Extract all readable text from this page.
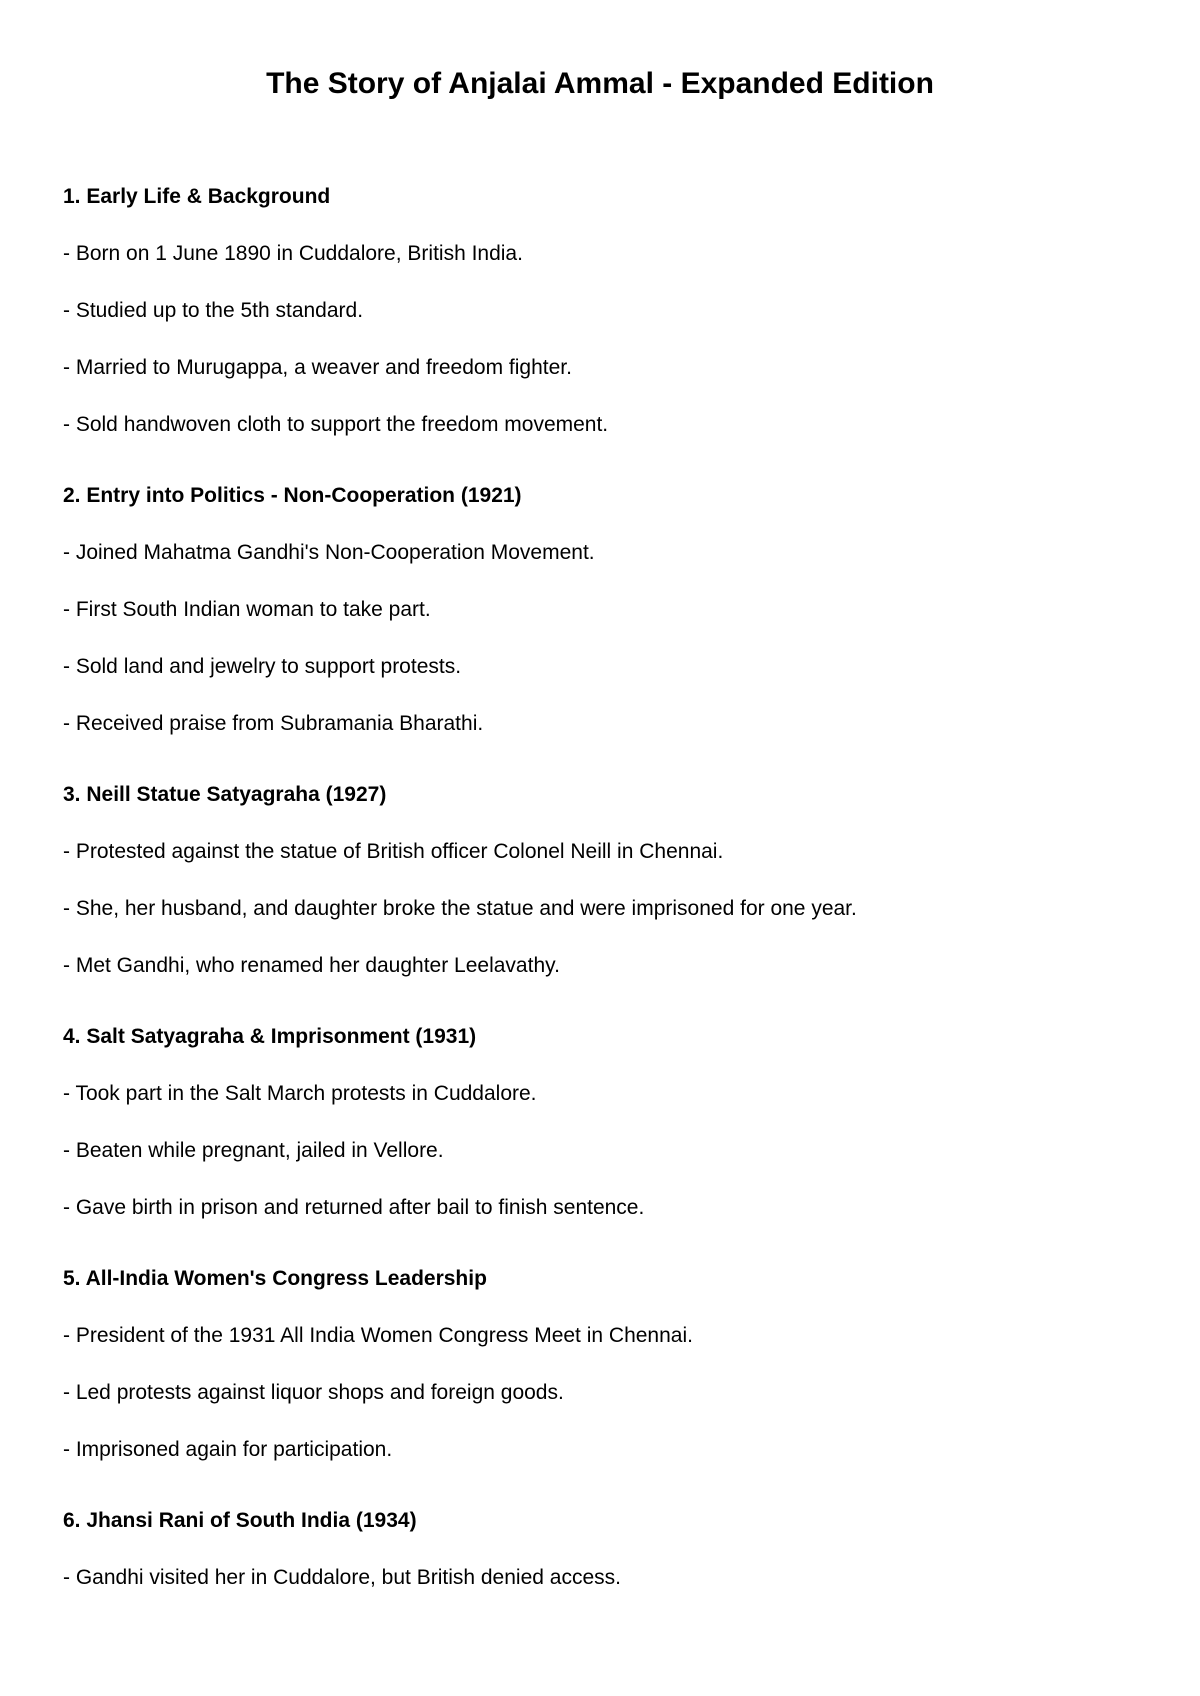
The Story of Anjalai Ammal - Expanded Edition

1. Early Life & Background

- Born on 1 June 1890 in Cuddalore, British India.

- Studied up to the 5th standard.

- Married to Murugappa, a weaver and freedom fighter.

- Sold handwoven cloth to support the freedom movement.

2. Entry into Politics - Non-Cooperation (1921)

- Joined Mahatma Gandhi's Non-Cooperation Movement.

- First South Indian woman to take part.

- Sold land and jewelry to support protests.

- Received praise from Subramania Bharathi.

3. Neill Statue Satyagraha (1927)

- Protested against the statue of British officer Colonel Neill in Chennai.

- She, her husband, and daughter broke the statue and were imprisoned for one year.

- Met Gandhi, who renamed her daughter Leelavathy.

4. Salt Satyagraha & Imprisonment (1931)

- Took part in the Salt March protests in Cuddalore.

- Beaten while pregnant, jailed in Vellore.

- Gave birth in prison and returned after bail to finish sentence.

5. All-India Women's Congress Leadership

- President of the 1931 All India Women Congress Meet in Chennai.

- Led protests against liquor shops and foreign goods.

- Imprisoned again for participation.

6. Jhansi Rani of South India (1934)

- Gandhi visited her in Cuddalore, but British denied access.
